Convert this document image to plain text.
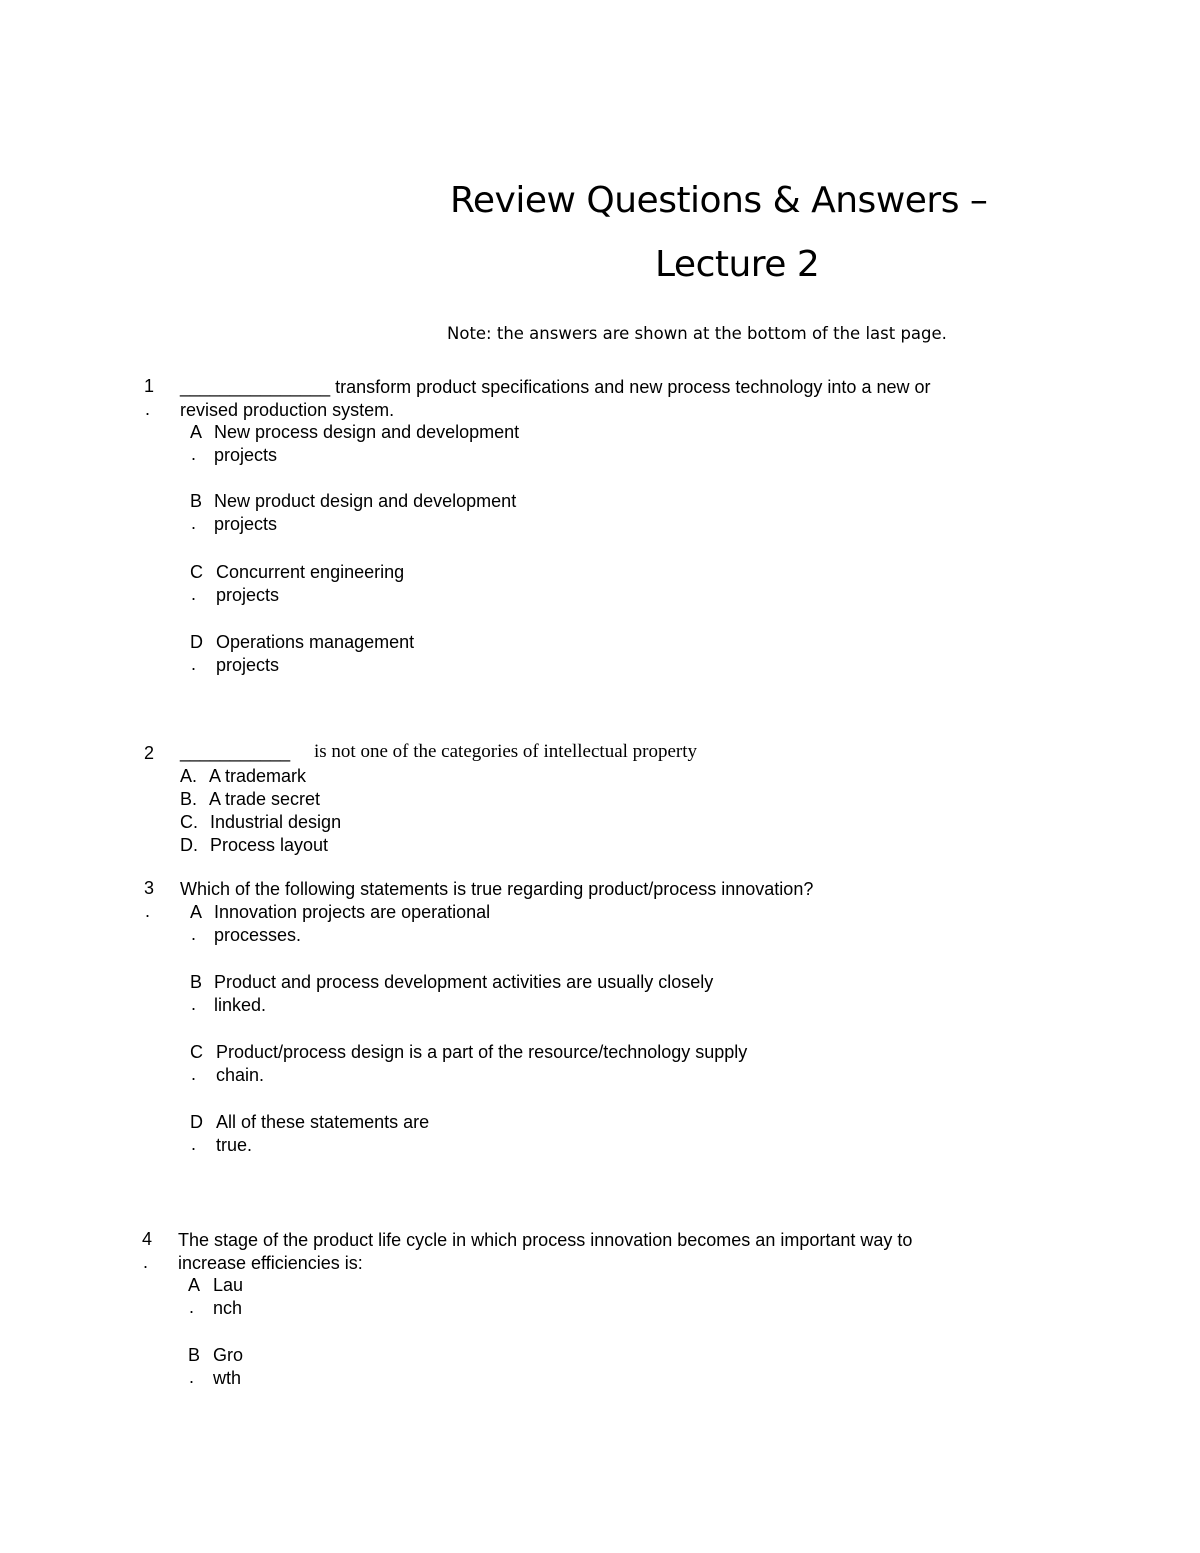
Review Questions & Answers –
Lecture 2
Note: the answers are shown at the bottom of the last page.
1
.
_______________ transform product specifications and new process technology into a new or
revised production system.
A
.
New process design and development
projects
B
.
New product design and development
projects
C
.
Concurrent engineering
projects
D
.
Operations management
projects
2 ___________ is not one of the categories of intellectual property
A. A trademark
B. A trade secret
C. Industrial design
D. Process layout
3
.
Which of the following statements is true regarding product/process innovation?
A
.
Innovation projects are operational
processes.
B
.
Product and process development activities are usually closely
linked.
C
.
Product/process design is a part of the resource/technology supply
chain.
D
.
All of these statements are
true.
4
.
The stage of the product life cycle in which process innovation becomes an important way to
increase efficiencies is:
A
.
Lau
nch
B
.
Gro
wth
